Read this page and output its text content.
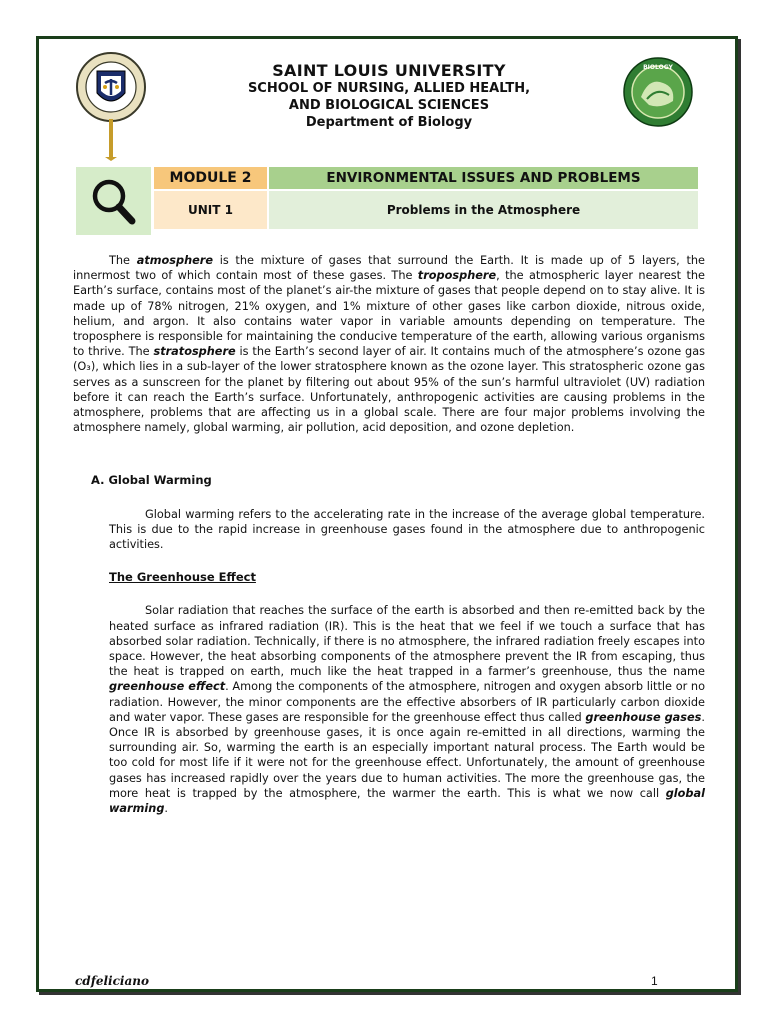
SAINT LOUIS UNIVERSITY
SCHOOL OF NURSING, ALLIED HEALTH,
AND BIOLOGICAL SCIENCES
Department of Biology
BIOLOGY
MODULE 2	ENVIRONMENTAL ISSUES AND PROBLEMS
UNIT 1	Problems in the Atmosphere

The atmosphere is the mixture of gases that surround the Earth. It is made up of 5 layers, the innermost two of which contain most of these gases. The troposphere, the atmospheric layer nearest the Earth’s surface, contains most of the planet’s air-the mixture of gases that people depend on to stay alive. It is made up of 78% nitrogen, 21% oxygen, and 1% mixture of other gases like carbon dioxide, nitrous oxide, helium, and argon. It also contains water vapor in variable amounts depending on temperature. The troposphere is responsible for maintaining the conducive temperature of the earth, allowing various organisms to thrive. The stratosphere is the Earth’s second layer of air. It contains much of the atmosphere’s ozone gas (O₃), which lies in a sub-layer of the lower stratosphere known as the ozone layer. This stratospheric ozone gas serves as a sunscreen for the planet by filtering out about 95% of the sun’s harmful ultraviolet (UV) radiation before it can reach the Earth’s surface. Unfortunately, anthropogenic activities are causing problems in the atmosphere, problems that are affecting us in a global scale. There are four major problems involving the atmosphere namely, global warming, air pollution, acid deposition, and ozone depletion.

A. Global Warming

Global warming refers to the accelerating rate in the increase of the average global temperature. This is due to the rapid increase in greenhouse gases found in the atmosphere due to anthropogenic activities.

The Greenhouse Effect

Solar radiation that reaches the surface of the earth is absorbed and then re-emitted back by the heated surface as infrared radiation (IR). This is the heat that we feel if we touch a surface that has absorbed solar radiation. Technically, if there is no atmosphere, the infrared radiation freely escapes into space. However, the heat absorbing components of the atmosphere prevent the IR from escaping, thus the heat is trapped on earth, much like the heat trapped in a farmer’s greenhouse, thus the name greenhouse effect. Among the components of the atmosphere, nitrogen and oxygen absorb little or no radiation. However, the minor components are the effective absorbers of IR particularly carbon dioxide and water vapor. These gases are responsible for the greenhouse effect thus called greenhouse gases. Once IR is absorbed by greenhouse gases, it is once again re-emitted in all directions, warming the surrounding air. So, warming the earth is an especially important natural process. The Earth would be too cold for most life if it were not for the greenhouse effect. Unfortunately, the amount of greenhouse gases has increased rapidly over the years due to human activities. The more the greenhouse gas, the more heat is trapped by the atmosphere, the warmer the earth. This is what we now call global warming.

cdfeliciano	1
